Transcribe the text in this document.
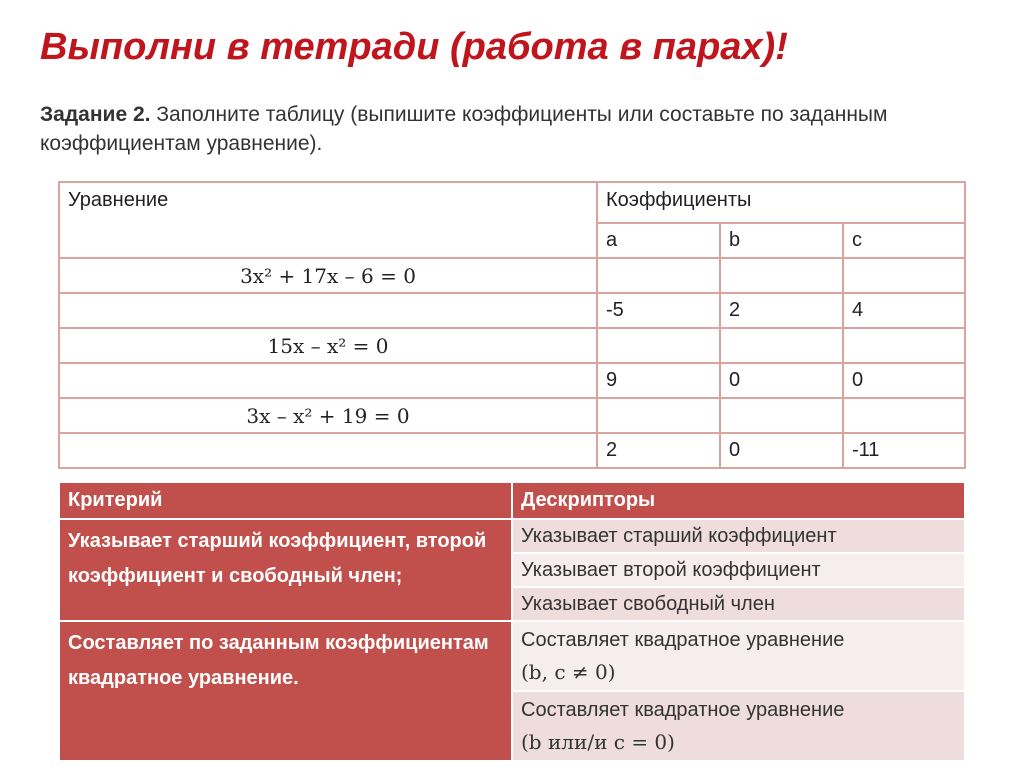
Выполни в тетради (работа в парах)!
Задание 2. Заполните таблицу (выпишите коэффициенты или составьте по заданным коэффициентам уравнение).
Уравнение	Коэффициенты		
	a	b	c
3x² + 17x – 6 = 0			
	-5	2	4
15x – x² = 0			
	9	0	0
3x – x² + 19 = 0			
	2	0	-11
Критерий	Дескрипторы
Указывает старший коэффициент, второй коэффициент и свободный член;	Указывает старший коэффициент
	Указывает второй коэффициент
	Указывает свободный член
Составляет по заданным коэффициентам квадратное уравнение.	Составляет квадратное уравнение
(b, c ≠ 0)

	Составляет квадратное уравнение
(b или/и c = 0)
